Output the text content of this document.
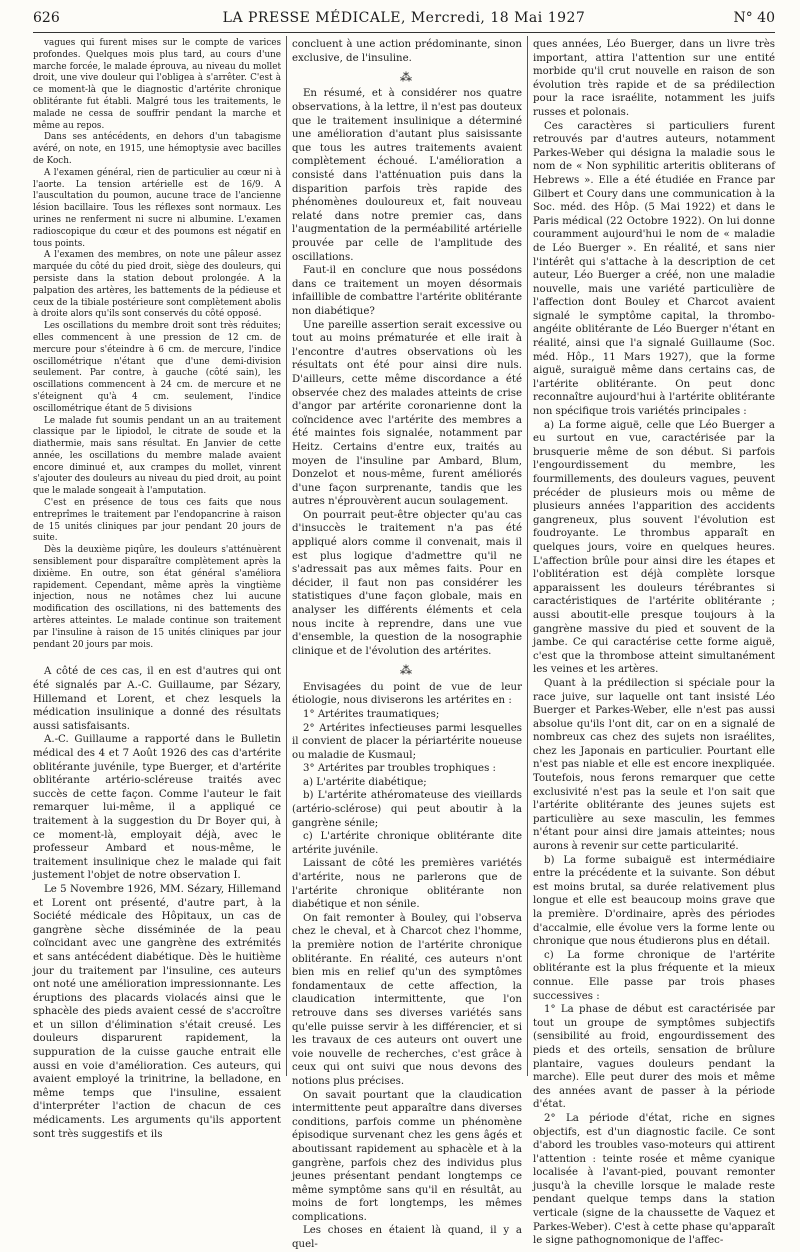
626	LA PRESSE MÉDICALE, Mercredi, 18 Mai 1927	N° 40

vagues qui furent mises sur le compte de varices profondes. Quelques mois plus tard, au cours d'une marche forcée, le malade éprouva, au niveau du mollet droit, une vive douleur qui l'obligea à s'arrêter. C'est à ce moment-là que le diagnostic d'artérite chronique oblitérante fut établi. Malgré tous les traitements, le malade ne cessa de souffrir pendant la marche et même au repos.

Dans ses antécédents, en dehors d'un tabagisme avéré, on note, en 1915, une hémoptysie avec bacilles de Koch.

A l'examen général, rien de particulier au cœur ni à l'aorte. La tension artérielle est de 16/9. A l'auscultation du poumon, aucune trace de l'ancienne lésion bacillaire. Tous les réflexes sont normaux. Les urines ne renferment ni sucre ni albumine. L'examen radioscopique du cœur et des poumons est négatif en tous points.

A l'examen des membres, on note une pâleur assez marquée du côté du pied droit, siège des douleurs, qui persiste dans la station debout prolongée. A la palpation des artères, les battements de la pédieuse et ceux de la tibiale postérieure sont complètement abolis à droite alors qu'ils sont conservés du côté opposé.

Les oscillations du membre droit sont très réduites; elles commencent à une pression de 12 cm. de mercure pour s'éteindre à 6 cm. de mercure, l'indice oscillométrique n'étant que d'une demi-division seulement. Par contre, à gauche (côté sain), les oscillations commencent à 24 cm. de mercure et ne s'éteignent qu'à 4 cm. seulement, l'indice oscillométrique étant de 5 divisions

Le malade fut soumis pendant un an au traitement classique par le lipiodol, le citrate de soude et la diathermie, mais sans résultat. En Janvier de cette année, les oscillations du membre malade avaient encore diminué et, aux crampes du mollet, vinrent s'ajouter des douleurs au niveau du pied droit, au point que le malade songeait à l'amputation.

C'est en présence de tous ces faits que nous entreprîmes le traitement par l'endopancrine à raison de 15 unités cliniques par jour pendant 20 jours de suite.

Dès la deuxième piqûre, les douleurs s'atténuèrent sensiblement pour disparaître complètement après la dixième. En outre, son état général s'améliora rapidement. Cependant, même après la vingtième injection, nous ne notâmes chez lui aucune modification des oscillations, ni des battements des artères atteintes. Le malade continue son traitement par l'insuline à raison de 15 unités cliniques par jour pendant 20 jours par mois.

A côté de ces cas, il en est d'autres qui ont été signalés par A.-C. Guillaume, par Sézary, Hillemand et Lorent, et chez lesquels la médication insulinique a donné des résultats aussi satisfaisants.

A.-C. Guillaume a rapporté dans le Bulletin médical des 4 et 7 Août 1926 des cas d'artérite oblitérante juvénile, type Buerger, et d'artérite oblitérante artério-scléreuse traités avec succès de cette façon. Comme l'auteur le fait remarquer lui-même, il a appliqué ce traitement à la suggestion du Dr Boyer qui, à ce moment-là, employait déjà, avec le professeur Ambard et nous-même, le traitement insulinique chez le malade qui fait justement l'objet de notre observation I.

Le 5 Novembre 1926, MM. Sézary, Hillemand et Lorent ont présenté, d'autre part, à la Société médicale des Hôpitaux, un cas de gangrène sèche disséminée de la peau coïncidant avec une gangrène des extrémités et sans antécédent diabétique. Dès le huitième jour du traitement par l'insuline, ces auteurs ont noté une amélioration impressionnante. Les éruptions des placards violacés ainsi que le sphacèle des pieds avaient cessé de s'accroître et un sillon d'élimination s'était creusé. Les douleurs disparurent rapidement, la suppuration de la cuisse gauche entrait elle aussi en voie d'amélioration. Ces auteurs, qui avaient employé la trinitrine, la belladone, en même temps que l'insuline, essaient d'interpréter l'action de chacun de ces médicaments. Les arguments qu'ils apportent sont très suggestifs et ils

concluent à une action prédominante, sinon exclusive, de l'insuline.

⁂

En résumé, et à considérer nos quatre observations, à la lettre, il n'est pas douteux que le traitement insulinique a déterminé une amélioration d'autant plus saisissante que tous les autres traitements avaient complètement échoué. L'amélioration a consisté dans l'atténuation puis dans la disparition parfois très rapide des phénomènes douloureux et, fait nouveau relaté dans notre premier cas, dans l'augmentation de la perméabilité artérielle prouvée par celle de l'amplitude des oscillations.

Faut-il en conclure que nous possédons dans ce traitement un moyen désormais infaillible de combattre l'artérite oblitérante non diabétique?

Une pareille assertion serait excessive ou tout au moins prématurée et elle irait à l'encontre d'autres observations où les résultats ont été pour ainsi dire nuls. D'ailleurs, cette même discordance a été observée chez des malades atteints de crise d'angor par artérite coronarienne dont la coïncidence avec l'artérite des membres a été maintes fois signalée, notamment par Heitz. Certains d'entre eux, traités au moyen de l'insuline par Ambard, Blum, Donzelot et nous-même, furent améliorés d'une façon surprenante, tandis que les autres n'éprouvèrent aucun soulagement.

On pourrait peut-être objecter qu'au cas d'insuccès le traitement n'a pas été appliqué alors comme il convenait, mais il est plus logique d'admettre qu'il ne s'adressait pas aux mêmes faits. Pour en décider, il faut non pas considérer les statistiques d'une façon globale, mais en analyser les différents éléments et cela nous incite à reprendre, dans une vue d'ensemble, la question de la nosographie clinique et de l'évolution des artérites.

⁂

Envisagées du point de vue de leur étiologie, nous diviserons les artérites en :

1° Artérites traumatiques;

2° Artérites infectieuses parmi lesquelles il convient de placer la périartérite noueuse ou maladie de Kusmaul;

3° Artérites par troubles trophiques :

a) L'artérite diabétique;

b) L'artérite athéromateuse des vieillards (artério-sclérose) qui peut aboutir à la gangrène sénile;

c) L'artérite chronique oblitérante dite artérite juvénile.

Laissant de côté les premières variétés d'artérite, nous ne parlerons que de l'artérite chronique oblitérante non diabétique et non sénile.

On fait remonter à Bouley, qui l'observa chez le cheval, et à Charcot chez l'homme, la première notion de l'artérite chronique oblitérante. En réalité, ces auteurs n'ont bien mis en relief qu'un des symptômes fondamentaux de cette affection, la claudication intermittente, que l'on retrouve dans ses diverses variétés sans qu'elle puisse servir à les différencier, et si les travaux de ces auteurs ont ouvert une voie nouvelle de recherches, c'est grâce à ceux qui ont suivi que nous devons des notions plus précises.

On savait pourtant que la claudication intermittente peut apparaître dans diverses conditions, parfois comme un phénomène épisodique survenant chez les gens âgés et aboutissant rapidement au sphacèle et à la gangrène, parfois chez des individus plus jeunes présentant pendant longtemps ce même symptôme sans qu'il en résultât, au moins de fort longtemps, les mêmes complications.

Les choses en étaient là quand, il y a quel-

ques années, Léo Buerger, dans un livre très important, attira l'attention sur une entité morbide qu'il crut nouvelle en raison de son évolution très rapide et de sa prédilection pour la race israélite, notamment les juifs russes et polonais.

Ces caractères si particuliers furent retrouvés par d'autres auteurs, notamment Parkes-Weber qui désigna la maladie sous le nom de « Non syphilitic arteritis obliterans of Hebrews ». Elle a été étudiée en France par Gilbert et Coury dans une communication à la Soc. méd. des Hôp. (5 Mai 1922) et dans le Paris médical (22 Octobre 1922). On lui donne couramment aujourd'hui le nom de « maladie de Léo Buerger ». En réalité, et sans nier l'intérêt qui s'attache à la description de cet auteur, Léo Buerger a créé, non une maladie nouvelle, mais une variété particulière de l'affection dont Bouley et Charcot avaient signalé le symptôme capital, la thrombo-angéite oblitérante de Léo Buerger n'étant en réalité, ainsi que l'a signalé Guillaume (Soc. méd. Hôp., 11 Mars 1927), que la forme aiguë, suraiguë même dans certains cas, de l'artérite oblitérante. On peut donc reconnaître aujourd'hui à l'artérite oblitérante non spécifique trois variétés principales :

a) La forme aiguë, celle que Léo Buerger a eu surtout en vue, caractérisée par la brusquerie même de son début. Si parfois l'engourdissement du membre, les fourmillements, des douleurs vagues, peuvent précéder de plusieurs mois ou même de plusieurs années l'apparition des accidents gangreneux, plus souvent l'évolution est foudroyante. Le thrombus apparaît en quelques jours, voire en quelques heures. L'affection brûle pour ainsi dire les étapes et l'oblitération est déjà complète lorsque apparaissent les douleurs térébrantes si caractéristiques de l'artérite oblitérante ; aussi aboutit-elle presque toujours à la gangrène massive du pied et souvent de la jambe. Ce qui caractérise cette forme aiguë, c'est que la thrombose atteint simultanément les veines et les artères.

Quant à la prédilection si spéciale pour la race juive, sur laquelle ont tant insisté Léo Buerger et Parkes-Weber, elle n'est pas aussi absolue qu'ils l'ont dit, car on en a signalé de nombreux cas chez des sujets non israélites, chez les Japonais en particulier. Pourtant elle n'est pas niable et elle est encore inexpliquée. Toutefois, nous ferons remarquer que cette exclusivité n'est pas la seule et l'on sait que l'artérite oblitérante des jeunes sujets est particulière au sexe masculin, les femmes n'étant pour ainsi dire jamais atteintes; nous aurons à revenir sur cette particularité.

b) La forme subaiguë est intermédiaire entre la précédente et la suivante. Son début est moins brutal, sa durée relativement plus longue et elle est beaucoup moins grave que la première. D'ordinaire, après des périodes d'accalmie, elle évolue vers la forme lente ou chronique que nous étudierons plus en détail.

c) La forme chronique de l'artérite oblitérante est la plus fréquente et la mieux connue. Elle passe par trois phases successives :

1° La phase de début est caractérisée par tout un groupe de symptômes subjectifs (sensibilité au froid, engourdissement des pieds et des orteils, sensation de brûlure plantaire, vagues douleurs pendant la marche). Elle peut durer des mois et même des années avant de passer à la période d'état.

2° La période d'état, riche en signes objectifs, est d'un diagnostic facile. Ce sont d'abord les troubles vaso-moteurs qui attirent l'attention : teinte rosée et même cyanique localisée à l'avant-pied, pouvant remonter jusqu'à la cheville lorsque le malade reste pendant quelque temps dans la station verticale (signe de la chaussette de Vaquez et Parkes-Weber). C'est à cette phase qu'apparaît le signe pathognomonique de l'affec-
